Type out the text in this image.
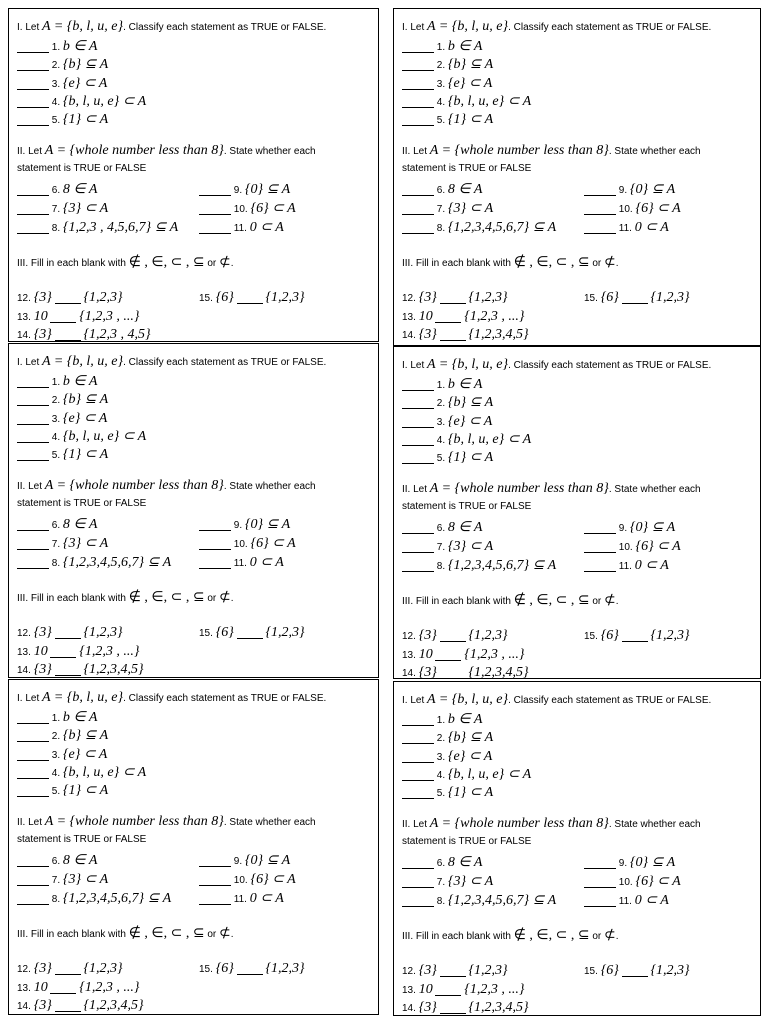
I. Let A = {b, l, u, e}. Classify each statement as TRUE or FALSE.
1. b ∈ A
2. {b} ⊆ A
3. {e} ⊂ A
4. {b, l, u, e} ⊂ A
5. {1} ⊂ A
II. Let A = {whole number less than 8}. State whether each
statement is TRUE or FALSE
6. 8 ∈ A
7. {3} ⊂ A
8. {1,2,3 , 4,5,6,7} ⊆ A
9. {0} ⊆ A
10. {6} ⊂ A
11. 0 ⊂ A
III. Fill in each blank with ∉ , ∈, ⊂ , ⊆ or ⊄.
12. {3} {1,2,3}
13. 10 {1,2,3 , ...}
14. {3} {1,2,3 , 4,5}
15. {6} {1,2,3}
I. Let A = {b, l, u, e}. Classify each statement as TRUE or FALSE.
1. b ∈ A
2. {b} ⊆ A
3. {e} ⊂ A
4. {b, l, u, e} ⊂ A
5. {1} ⊂ A
II. Let A = {whole number less than 8}. State whether each
statement is TRUE or FALSE
6. 8 ∈ A
7. {3} ⊂ A
8. {1,2,3,4,5,6,7} ⊆ A
9. {0} ⊆ A
10. {6} ⊂ A
11. 0 ⊂ A
III. Fill in each blank with ∉ , ∈, ⊂ , ⊆ or ⊄.
12. {3} {1,2,3}
13. 10 {1,2,3 , ...}
14. {3} {1,2,3,4,5}
15. {6} {1,2,3}
I. Let A = {b, l, u, e}. Classify each statement as TRUE or FALSE.
1. b ∈ A
2. {b} ⊆ A
3. {e} ⊂ A
4. {b, l, u, e} ⊂ A
5. {1} ⊂ A
II. Let A = {whole number less than 8}. State whether each
statement is TRUE or FALSE
6. 8 ∈ A
7. {3} ⊂ A
8. {1,2,3,4,5,6,7} ⊆ A
9. {0} ⊆ A
10. {6} ⊂ A
11. 0 ⊂ A
III. Fill in each blank with ∉ , ∈, ⊂ , ⊆ or ⊄.
12. {3} {1,2,3}
13. 10 {1,2,3 , ...}
14. {3} {1,2,3,4,5}
15. {6} {1,2,3}
I. Let A = {b, l, u, e}. Classify each statement as TRUE or FALSE.
1. b ∈ A
2. {b} ⊆ A
3. {e} ⊂ A
4. {b, l, u, e} ⊂ A
5. {1} ⊂ A
II. Let A = {whole number less than 8}. State whether each
statement is TRUE or FALSE
6. 8 ∈ A
7. {3} ⊂ A
8. {1,2,3,4,5,6,7} ⊆ A
9. {0} ⊆ A
10. {6} ⊂ A
11. 0 ⊂ A
III. Fill in each blank with ∉ , ∈, ⊂ , ⊆ or ⊄.
12. {3} {1,2,3}
13. 10 {1,2,3 , ...}
14. {3} {1,2,3,4,5}
15. {6} {1,2,3}
I. Let A = {b, l, u, e}. Classify each statement as TRUE or FALSE.
1. b ∈ A
2. {b} ⊆ A
3. {e} ⊂ A
4. {b, l, u, e} ⊂ A
5. {1} ⊂ A
II. Let A = {whole number less than 8}. State whether each
statement is TRUE or FALSE
6. 8 ∈ A
7. {3} ⊂ A
8. {1,2,3,4,5,6,7} ⊆ A
9. {0} ⊆ A
10. {6} ⊂ A
11. 0 ⊂ A
III. Fill in each blank with ∉ , ∈, ⊂ , ⊆ or ⊄.
12. {3} {1,2,3}
13. 10 {1,2,3 , ...}
14. {3} {1,2,3,4,5}
15. {6} {1,2,3}
I. Let A = {b, l, u, e}. Classify each statement as TRUE or FALSE.
1. b ∈ A
2. {b} ⊆ A
3. {e} ⊂ A
4. {b, l, u, e} ⊂ A
5. {1} ⊂ A
II. Let A = {whole number less than 8}. State whether each
statement is TRUE or FALSE
6. 8 ∈ A
7. {3} ⊂ A
8. {1,2,3,4,5,6,7} ⊆ A
9. {0} ⊆ A
10. {6} ⊂ A
11. 0 ⊂ A
III. Fill in each blank with ∉ , ∈, ⊂ , ⊆ or ⊄.
12. {3} {1,2,3}
13. 10 {1,2,3 , ...}
14. {3} {1,2,3,4,5}
15. {6} {1,2,3}
